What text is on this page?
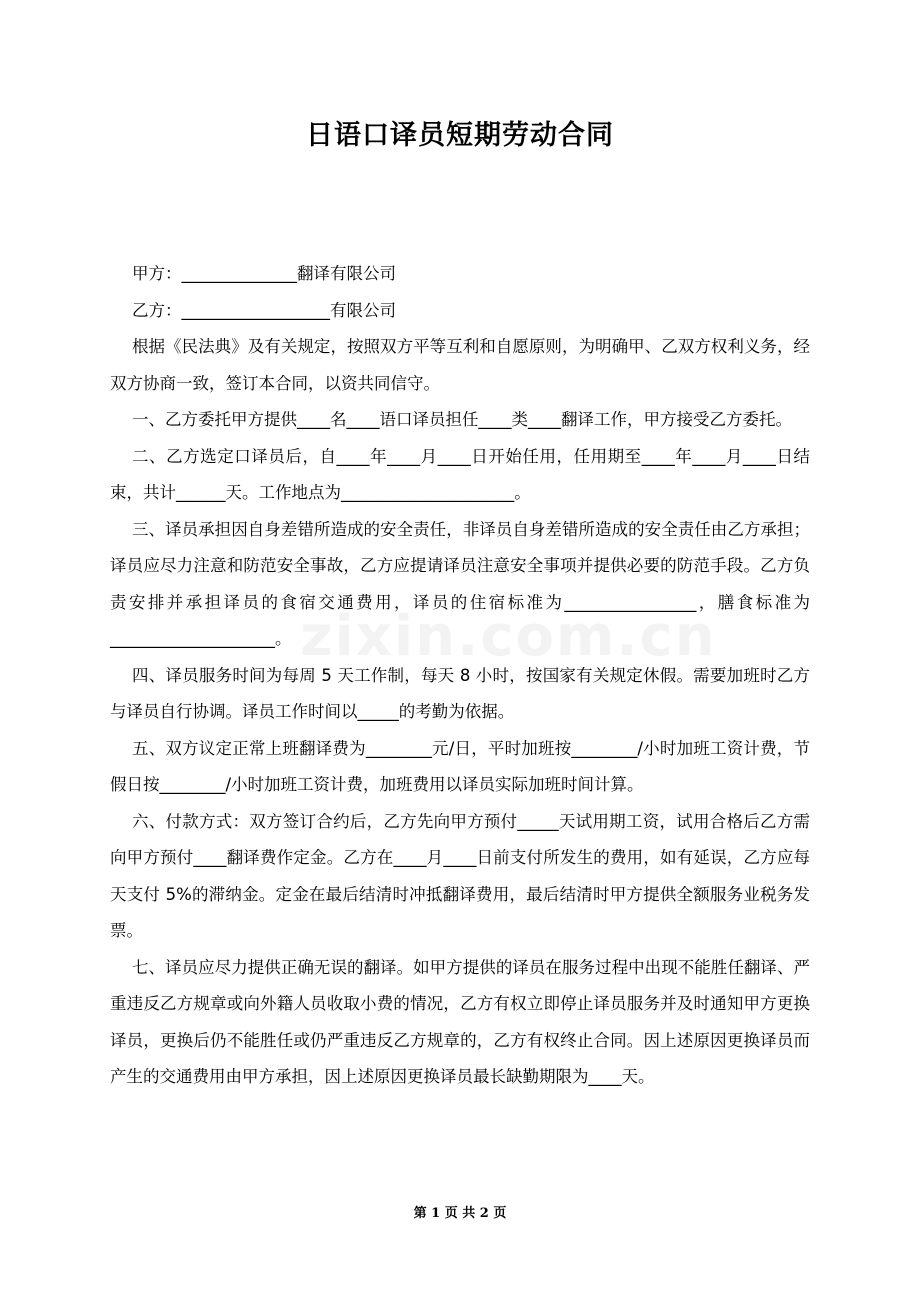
日语口译员短期劳动合同

甲方：______________翻译有限公司

乙方：__________________有限公司

根据《民法典》及有关规定，按照双方平等互利和自愿原则，为明确甲、乙双方权利义务，经双方协商一致，签订本合同，以资共同信守。

一、乙方委托甲方提供____名____语口译员担任____类____翻译工作，甲方接受乙方委托。

二、乙方选定口译员后，自____年____月____日开始任用，任用期至____年____月____日结束，共计______天。工作地点为_____________________。

三、译员承担因自身差错所造成的安全责任，非译员自身差错所造成的安全责任由乙方承担；译员应尽力注意和防范安全事故，乙方应提请译员注意安全事项并提供必要的防范手段。乙方负责安排并承担译员的食宿交通费用，译员的住宿标准为________________，膳食标准为____________________。

四、译员服务时间为每周 5 天工作制，每天 8 小时，按国家有关规定休假。需要加班时乙方与译员自行协调。译员工作时间以_____的考勤为依据。

五、双方议定正常上班翻译费为________元/日，平时加班按________/小时加班工资计费，节假日按________/小时加班工资计费，加班费用以译员实际加班时间计算。

六、付款方式：双方签订合约后，乙方先向甲方预付_____天试用期工资，试用合格后乙方需向甲方预付____翻译费作定金。乙方在____月____日前支付所发生的费用，如有延误，乙方应每天支付 5%的滞纳金。定金在最后结清时冲抵翻译费用，最后结清时甲方提供全额服务业税务发票。

七、译员应尽力提供正确无误的翻译。如甲方提供的译员在服务过程中出现不能胜任翻译、严重违反乙方规章或向外籍人员收取小费的情况，乙方有权立即停止译员服务并及时通知甲方更换译员，更换后仍不能胜任或仍严重违反乙方规章的，乙方有权终止合同。因上述原因更换译员而产生的交通费用由甲方承担，因上述原因更换译员最长缺勤期限为____天。

zixin.com.cn
第 1 页 共 2 页
